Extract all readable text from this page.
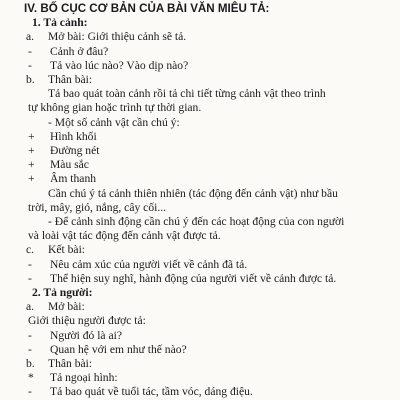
IV. BỐ CỤC CƠ BẢN CỦA BÀI VĂN MIÊU TẢ:
1. Tả cảnh:
a. Mở bài: Giới thiệu cảnh sẽ tả.
-	Cảnh ở đâu?
-	Tả vào lúc nào? Vào dịp nào?
b. Thân bài:
Tả bao quát toàn cảnh rồi tả chi tiết từng cảnh vật theo trình
tự không gian hoặc trình tự thời gian.
- Một số cảnh vật cần chú ý:
+	Hình khối
+	Đường nét
+	Màu sắc
+	Âm thanh
Cần chú ý tả cảnh thiên nhiên (tác động đến cảnh vật) như bầu
trời, mây, gió, nắng, cây cối...
- Để cảnh sinh động cần chú ý đến các hoạt động của con người
và loài vật tác động đến cảnh vật được tả.
c. Kết bài:
-	Nêu cảm xúc của người viết về cảnh đã tả.
-	Thể hiện suy nghĩ, hành động của người viết về cảnh được tả.
2. Tả người:
a. Mở bài:
Giới thiệu người được tả:
-	Người đó là ai?
-	Quan hệ với em như thế nào?
b. Thân bài:
*	Tả ngoại hình:
-	Tả bao quát về tuổi tác, tầm vóc, dáng điệu.
